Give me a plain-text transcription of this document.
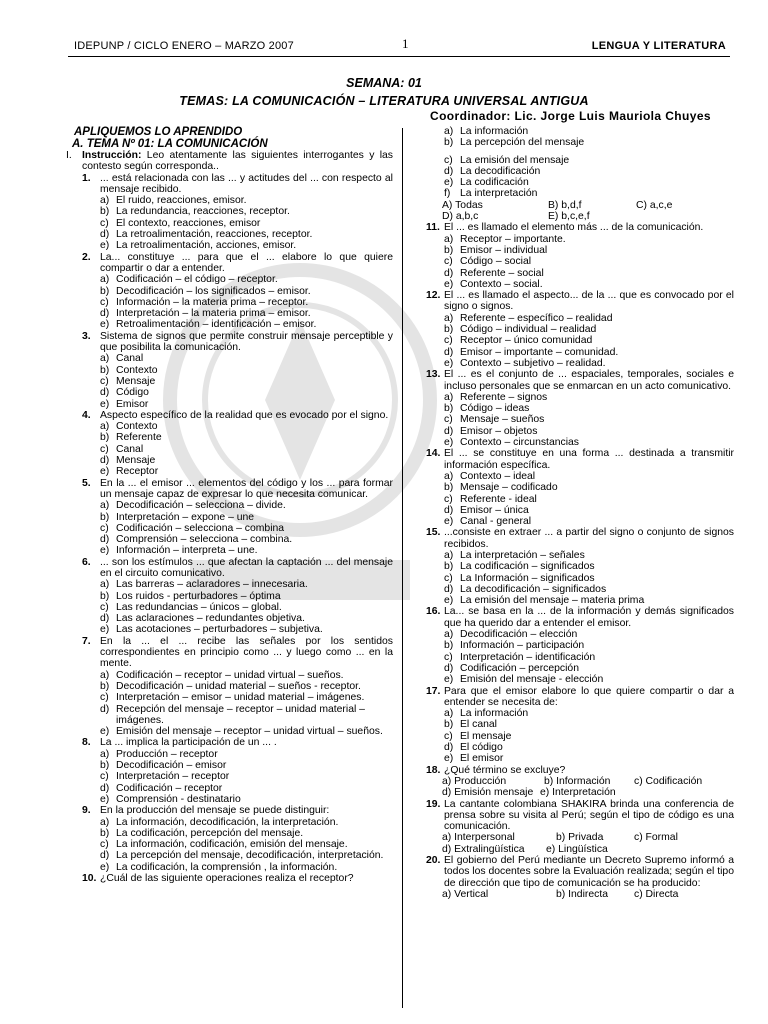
IDEPUNP / CICLO ENERO – MARZO 2007	1	LENGUA Y LITERATURA
SEMANA: 01
TEMAS: LA COMUNICACIÓN – LITERATURA UNIVERSAL ANTIGUA
Coordinador: Lic. Jorge Luis Mauriola Chuyes
APLIQUEMOS LO APRENDIDO
A. TEMA Nº 01: LA COMUNICACIÓN
I. Instrucción: Leo atentamente las siguientes interrogantes y las contesto según corresponda..
1. ... está relacionada con las ... y actitudes del ... con respecto al mensaje recibido.
a) El ruido, reacciones, emisor.
b) La redundancia, reacciones, receptor.
c) El contexto, reacciones, emisor
d) La retroalimentación, reacciones, receptor.
e) La retroalimentación, acciones, emisor.
2. La... constituye ... para que el ... elabore lo que quiere compartir o dar a entender.
a) Codificación – el código – receptor.
b) Decodificación – los significados – emisor.
c) Información – la materia prima – receptor.
d) Interpretación – la materia prima – emisor.
e) Retroalimentación – identificación – emisor.
3. Sistema de signos que permite construir mensaje perceptible y que posibilita la comunicación.
a) Canal
b) Contexto
c) Mensaje
d) Código
e) Emisor
4. Aspecto específico de la realidad que es evocado por el signo.
a) Contexto
b) Referente
c) Canal
d) Mensaje
e) Receptor
5. En la ... el emisor ... elementos del código y los ... para formar un mensaje capaz de expresar lo que necesita comunicar.
a) Decodificación – selecciona – divide.
b) Interpretación – expone – une
c) Codificación – selecciona – combina
d) Comprensión – selecciona – combina.
e) Información – interpreta – une.
6. ... son los estímulos ... que afectan la captación ... del mensaje en el circuito comunicativo.
a) Las barreras – aclaradores – innecesaria.
b) Los ruidos - perturbadores – óptima
c) Las redundancias – únicos – global.
d) Las aclaraciones – redundantes objetiva.
e) Las acotaciones – perturbadores – subjetiva.
7. En la ... el ... recibe las señales por los sentidos correspondientes en principio como ... y luego como ... en la mente.
a) Codificación – receptor – unidad virtual – sueños.
b) Decodificación – unidad material – sueños - receptor.
c) Interpretación – emisor – unidad material – imágenes.
d) Recepción del mensaje – receptor – unidad material – imágenes.
e) Emisión del mensaje – receptor – unidad virtual – sueños.
8. La ... implica la participación de un ... .
a) Producción – receptor
b) Decodificación – emisor
c) Interpretación – receptor
d) Codificación – receptor
e) Comprensión - destinatario
9. En la producción del mensaje se puede distinguir:
a) La información, decodificación, la interpretación.
b) La codificación, percepción del mensaje.
c) La información, codificación, emisión del mensaje.
d) La percepción del mensaje, decodificación, interpretación.
e) La codificación, la comprensión , la información.
10. ¿Cuál de las siguiente operaciones realiza el receptor?
a) La información
b) La percepción del mensaje
c) La emisión del mensaje
d) La decodificación
e) La codificación
f) La interpretación
A) Todas	B) b,d,f	C) a,c,e
D) a,b,c	E) b,c,e,f
11. El ... es llamado el elemento más ... de la comunicación.
a) Receptor – importante.
b) Emisor – individual
c) Código – social
d) Referente – social
e) Contexto – social.
12. El ... es llamado el aspecto... de la ... que es convocado por el signo o signos.
a) Referente – específico – realidad
b) Código – individual – realidad
c) Receptor – único comunidad
d) Emisor – importante – comunidad.
e) Contexto – subjetivo – realidad.
13. El ... es el conjunto de ... espaciales, temporales, sociales e incluso personales que se enmarcan en un acto comunicativo.
a) Referente – signos
b) Código – ideas
c) Mensaje – sueños
d) Emisor – objetos
e) Contexto – circunstancias
14. El ... se constituye en una forma ... destinada a transmitir información específica.
a) Contexto – ideal
b) Mensaje – codificado
c) Referente - ideal
d) Emisor – única
e) Canal - general
15. ...consiste en extraer ... a partir del signo o conjunto de signos recibidos.
a) La interpretación – señales
b) La codificación – significados
c) La Información – significados
d) La decodificación – significados
e) La emisión del mensaje – materia prima
16. La... se basa en la ... de la información y demás significados que ha querido dar a entender el emisor.
a) Decodificación – elección
b) Información – participación
c) Interpretación – identificación
d) Codificación – percepción
e) Emisión del mensaje - elección
17. Para que el emisor elabore lo que quiere compartir o dar a entender se necesita de:
a) La información
b) El canal
c) El mensaje
d) El código
e) El emisor
18. ¿Qué término se excluye?
a) Producción	b) Información c) Codificación
d) Emisión mensaje e) Interpretación
19. La cantante colombiana SHAKIRA brinda una conferencia de prensa sobre su visita al Perú; según el tipo de código es una comunicación.
a) Interpersonal	b) Privada	c) Formal
d) Extralingüística e) Lingüística
20. El gobierno del Perú mediante un Decreto Supremo informó a todos los docentes sobre la Evaluación realizada; según el tipo de dirección que tipo de comunicación se ha producido:
a) Vertical	b) Indirecta	c) Directa
